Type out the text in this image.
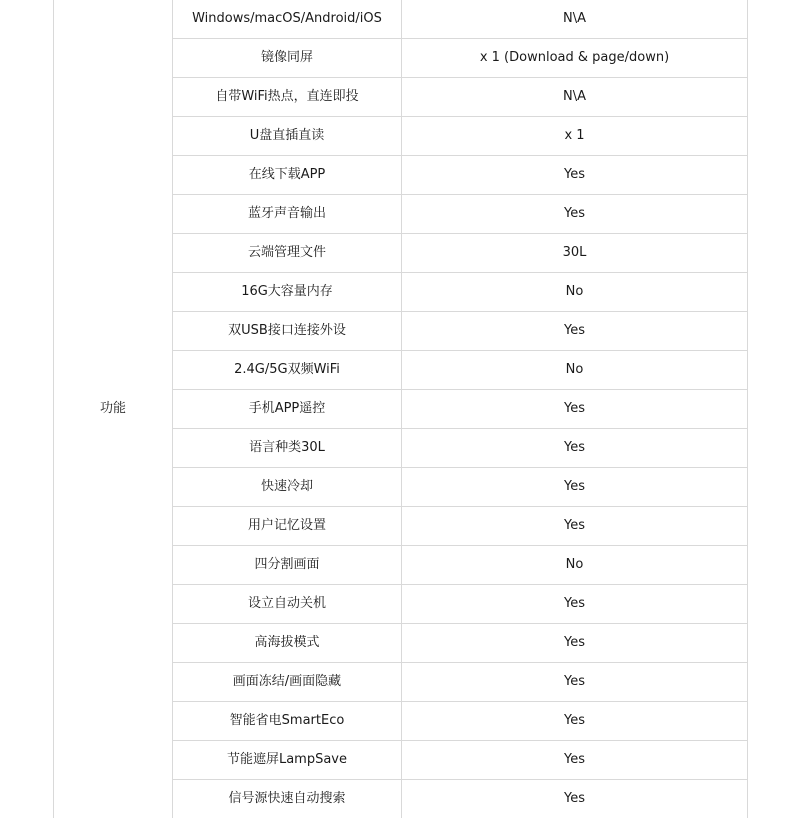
功能	Windows/macOS/Android/iOS	N\A
	镜像同屏	x 1 (Download & page/down)
	自带WiFi热点，直连即投	N\A
	U盘直插直读	x 1
	在线下载APP	Yes
	蓝牙声音输出	Yes
	云端管理文件	30L
	16G大容量内存	No
	双USB接口连接外设	Yes
	2.4G/5G双频WiFi	No
	手机APP遥控	Yes
	语言种类30L	Yes
	快速冷却	Yes
	用户记忆设置	Yes
	四分割画面	No
	设立自动关机	Yes
	高海拔模式	Yes
	画面冻结/画面隐藏	Yes
	智能省电SmartEco	Yes
	节能遮屏LampSave	Yes
	信号源快速自动搜索	Yes
